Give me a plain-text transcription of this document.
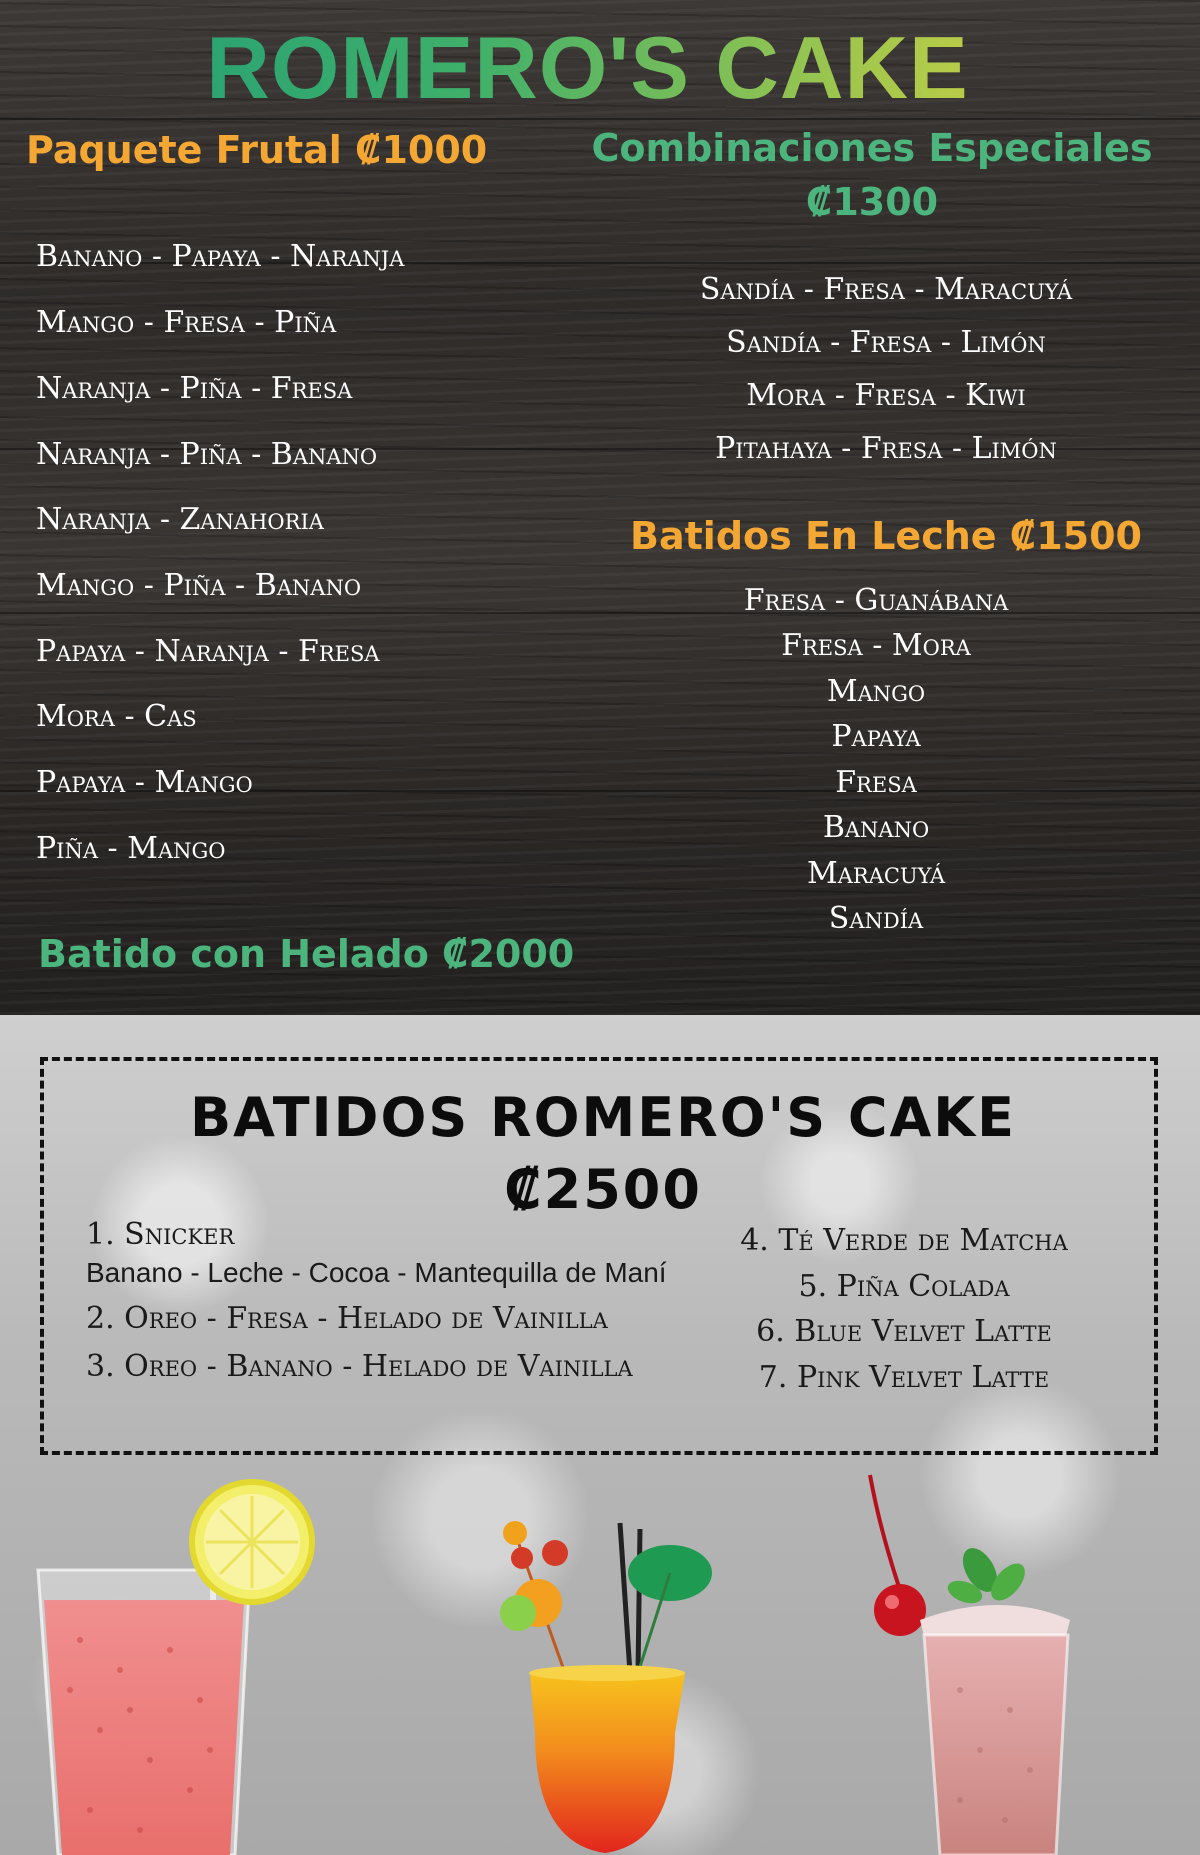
ROMERO'S CAKE
Paquete Frutal ₡1000	Combinaciones Especiales
₡1300
Banano - Papaya - Naranja
Mango - Fresa - Piña
Naranja - Piña - Fresa
Naranja - Piña - Banano
Naranja - Zanahoria
Mango - Piña - Banano
Papaya - Naranja - Fresa
Mora - Cas
Papaya - Mango
Piña - Mango
Sandía - Fresa - Maracuyá
Sandía - Fresa - Limón
Mora - Fresa - Kiwi
Pitahaya - Fresa - Limón
Batidos En Leche ₡1500
Fresa - Guanábana
Fresa - Mora
Mango
Papaya
Fresa
Banano
Maracuyá
Sandía
Batido con Helado ₡2000
BATIDOS ROMERO'S CAKE
₡2500
1. Snicker
Banano - Leche - Cocoa - Mantequilla de Maní
2. Oreo - Fresa - Helado de Vainilla
3. Oreo - Banano - Helado de Vainilla
4. Té Verde de Matcha
5. Piña Colada
6. Blue Velvet Latte
7. Pink Velvet Latte
